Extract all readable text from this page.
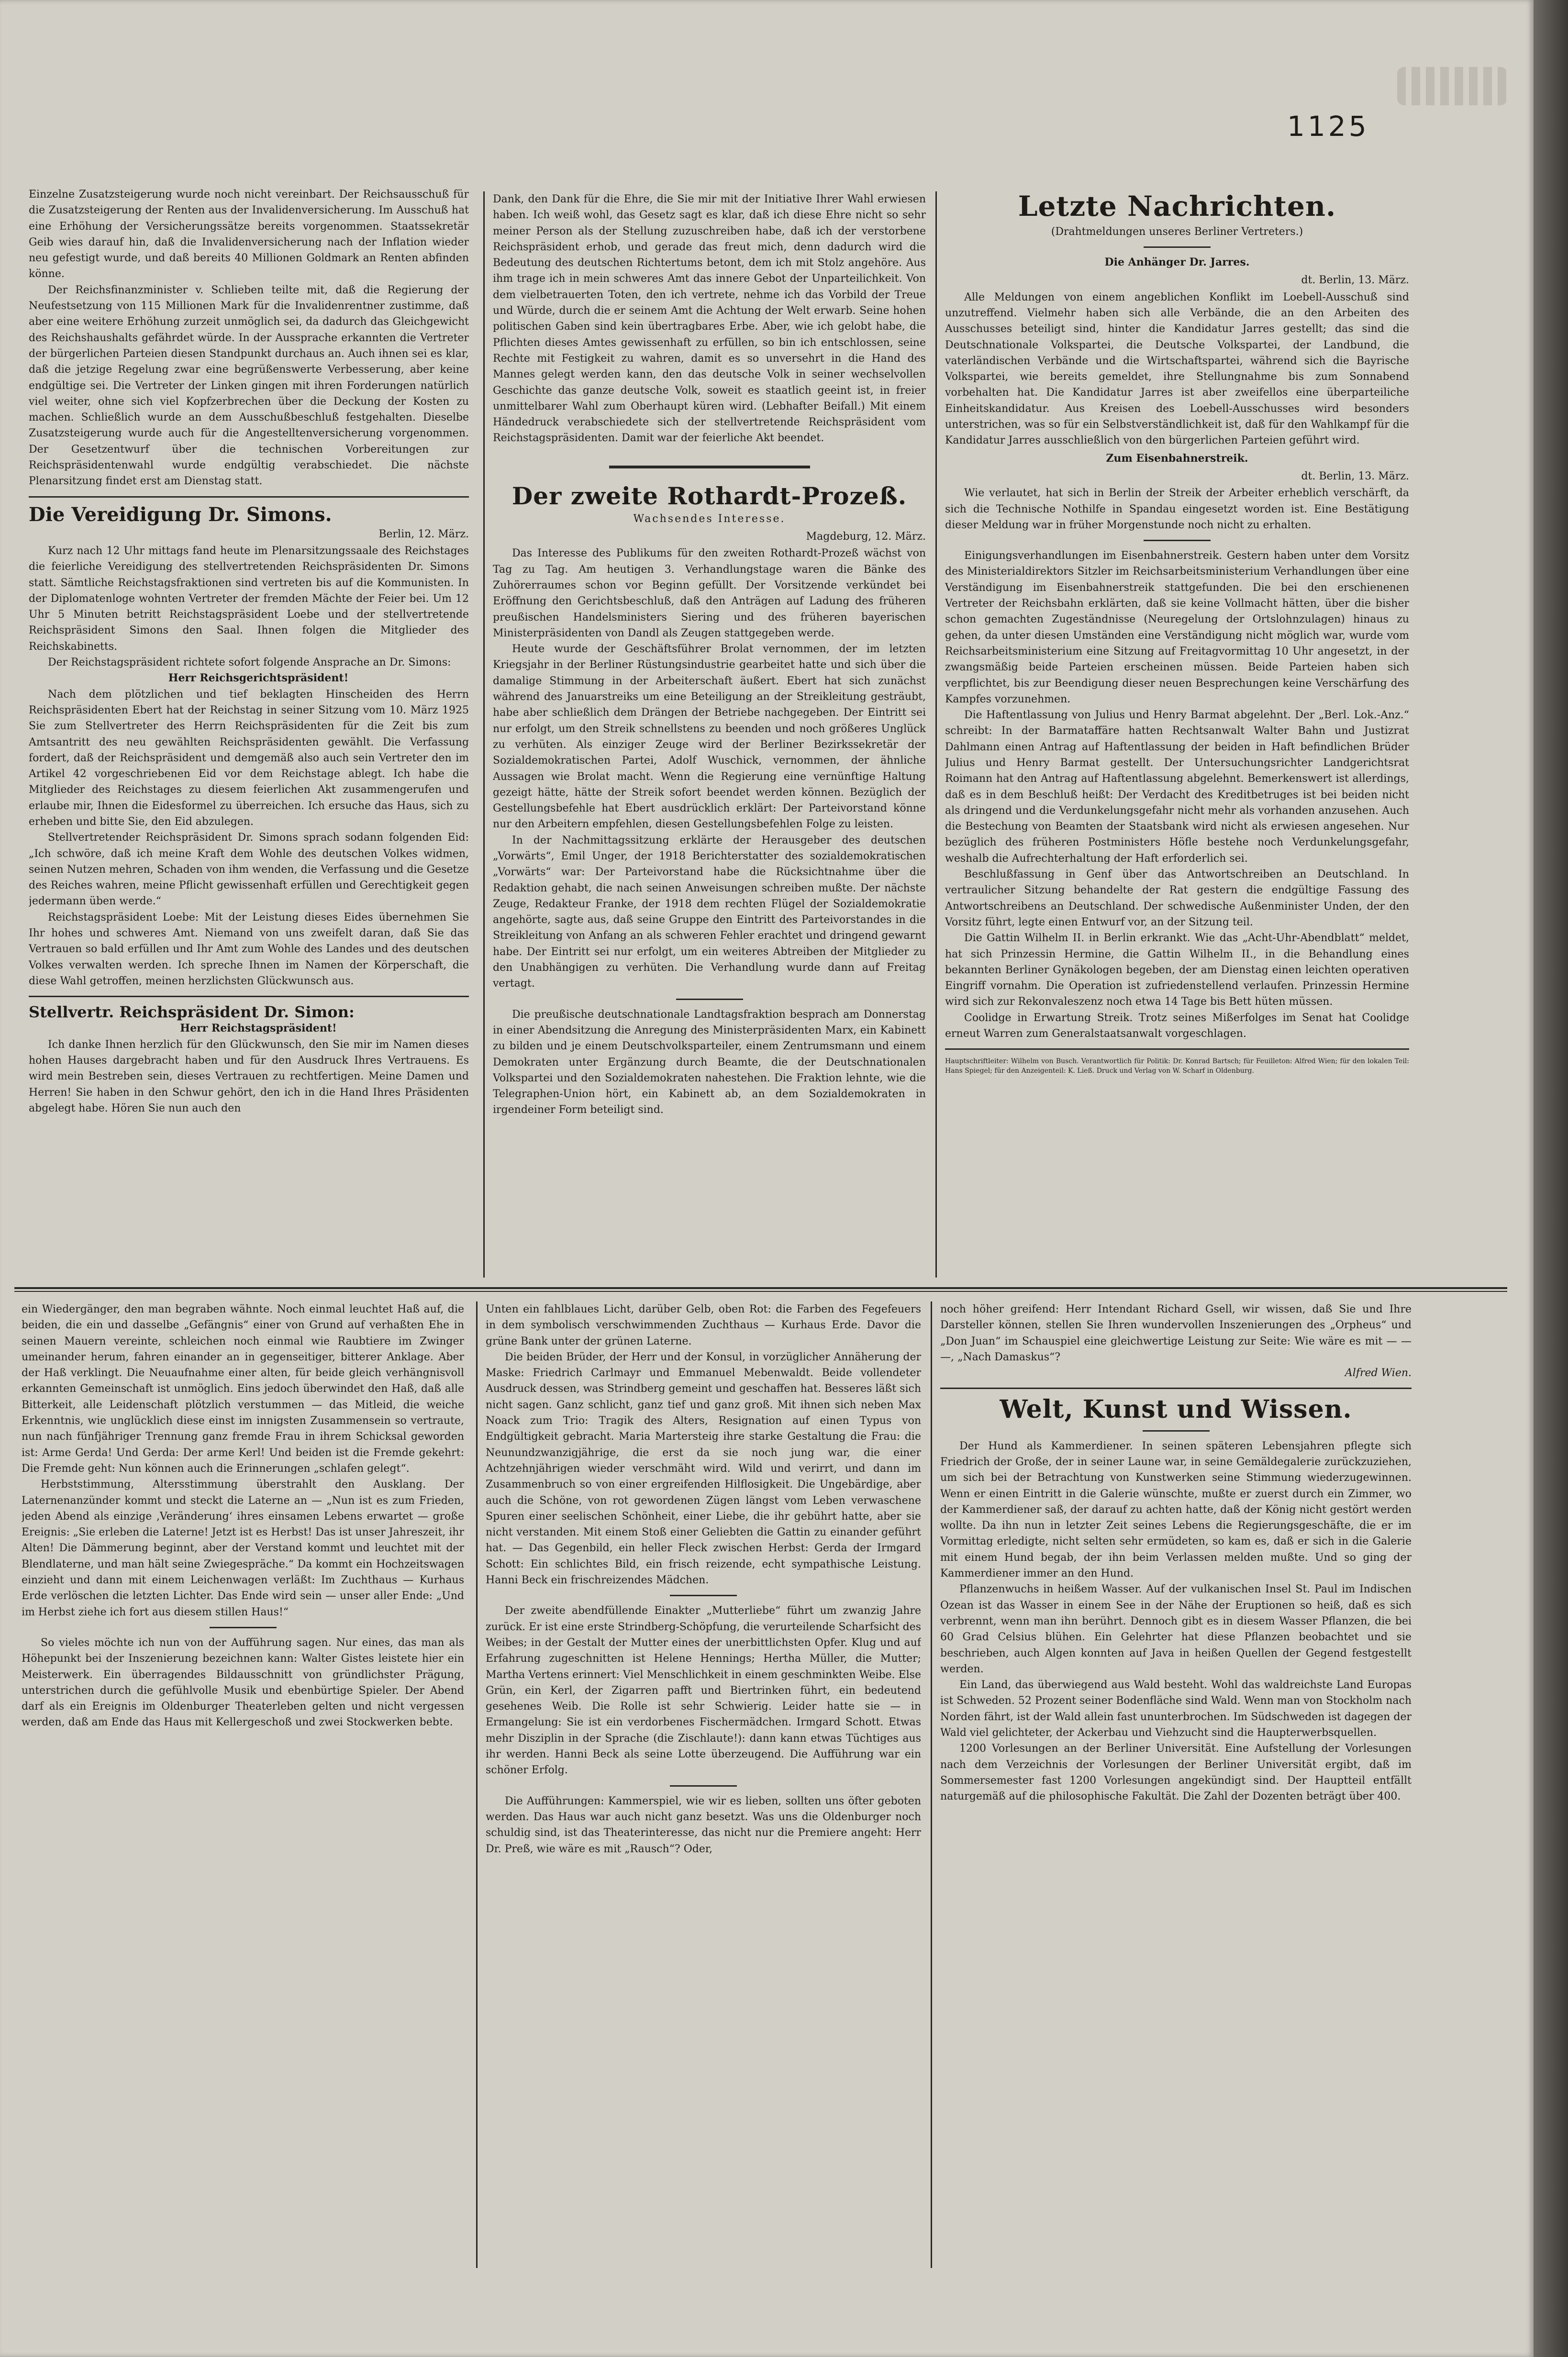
1125

Einzelne Zusatzsteigerung wurde noch nicht vereinbart. Der Reichsausschuß für die Zusatzsteigerung der Renten aus der Invalidenversicherung. Im Ausschuß hat eine Erhöhung der Versicherungssätze bereits vorgenommen. Staatssekretär Geib wies darauf hin, daß die Invalidenversicherung nach der Inflation wieder neu gefestigt wurde, und daß bereits 40 Millionen Goldmark an Renten abfinden könne.

Der Reichsfinanzminister v. Schlieben teilte mit, daß die Regierung der Neufestsetzung von 115 Millionen Mark für die Invalidenrentner zustimme, daß aber eine weitere Erhöhung zurzeit unmöglich sei, da dadurch das Gleichgewicht des Reichshaushalts gefährdet würde. In der Aussprache erkannten die Vertreter der bürgerlichen Parteien diesen Standpunkt durchaus an. Auch ihnen sei es klar, daß die jetzige Regelung zwar eine begrüßenswerte Verbesserung, aber keine endgültige sei. Die Vertreter der Linken gingen mit ihren Forderungen natürlich viel weiter, ohne sich viel Kopfzerbrechen über die Deckung der Kosten zu machen. Schließlich wurde an dem Ausschußbeschluß festgehalten. Dieselbe Zusatzsteigerung wurde auch für die Angestelltenversicherung vorgenommen. Der Gesetzentwurf über die technischen Vorbereitungen zur Reichspräsidentenwahl wurde endgültig verabschiedet. Die nächste Plenarsitzung findet erst am Dienstag statt.

Die Vereidigung Dr. Simons.
Berlin, 12. März.

Kurz nach 12 Uhr mittags fand heute im Plenarsitzungssaale des Reichstages die feierliche Vereidigung des stellvertretenden Reichspräsidenten Dr. Simons statt. Sämtliche Reichstagsfraktionen sind vertreten bis auf die Kommunisten. In der Diplomatenloge wohnten Vertreter der fremden Mächte der Feier bei. Um 12 Uhr 5 Minuten betritt Reichstagspräsident Loebe und der stellvertretende Reichspräsident Simons den Saal. Ihnen folgen die Mitglieder des Reichskabinetts.

Der Reichstagspräsident richtete sofort folgende Ansprache an Dr. Simons:

Herr Reichsgerichtspräsident!

Nach dem plötzlichen und tief beklagten Hinscheiden des Herrn Reichspräsidenten Ebert hat der Reichstag in seiner Sitzung vom 10. März 1925 Sie zum Stellvertreter des Herrn Reichspräsidenten für die Zeit bis zum Amtsantritt des neu gewählten Reichspräsidenten gewählt. Die Verfassung fordert, daß der Reichspräsident und demgemäß also auch sein Vertreter den im Artikel 42 vorgeschriebenen Eid vor dem Reichstage ablegt. Ich habe die Mitglieder des Reichstages zu diesem feierlichen Akt zusammengerufen und erlaube mir, Ihnen die Eidesformel zu überreichen. Ich ersuche das Haus, sich zu erheben und bitte Sie, den Eid abzulegen.

Stellvertretender Reichspräsident Dr. Simons sprach sodann folgenden Eid: „Ich schwöre, daß ich meine Kraft dem Wohle des deutschen Volkes widmen, seinen Nutzen mehren, Schaden von ihm wenden, die Verfassung und die Gesetze des Reiches wahren, meine Pflicht gewissenhaft erfüllen und Gerechtigkeit gegen jedermann üben werde.“

Reichstagspräsident Loebe: Mit der Leistung dieses Eides übernehmen Sie Ihr hohes und schweres Amt. Niemand von uns zweifelt daran, daß Sie das Vertrauen so bald erfüllen und Ihr Amt zum Wohle des Landes und des deutschen Volkes verwalten werden. Ich spreche Ihnen im Namen der Körperschaft, die diese Wahl getroffen, meinen herzlichsten Glückwunsch aus.

Stellvertr. Reichspräsident Dr. Simon:

Herr Reichstagspräsident!

Ich danke Ihnen herzlich für den Glückwunsch, den Sie mir im Namen dieses hohen Hauses dargebracht haben und für den Ausdruck Ihres Vertrauens. Es wird mein Bestreben sein, dieses Vertrauen zu rechtfertigen. Meine Damen und Herren! Sie haben in den Schwur gehört, den ich in die Hand Ihres Präsidenten abgelegt habe. Hören Sie nun auch den

Dank, den Dank für die Ehre, die Sie mir mit der Initiative Ihrer Wahl erwiesen haben. Ich weiß wohl, das Gesetz sagt es klar, daß ich diese Ehre nicht so sehr meiner Person als der Stellung zuzuschreiben habe, daß ich der verstorbene Reichspräsident erhob, und gerade das freut mich, denn dadurch wird die Bedeutung des deutschen Richtertums betont, dem ich mit Stolz angehöre. Aus ihm trage ich in mein schweres Amt das innere Gebot der Unparteilichkeit. Von dem vielbetrauerten Toten, den ich vertrete, nehme ich das Vorbild der Treue und Würde, durch die er seinem Amt die Achtung der Welt erwarb. Seine hohen politischen Gaben sind kein übertragbares Erbe. Aber, wie ich gelobt habe, die Pflichten dieses Amtes gewissenhaft zu erfüllen, so bin ich entschlossen, seine Rechte mit Festigkeit zu wahren, damit es so unversehrt in die Hand des Mannes gelegt werden kann, den das deutsche Volk in seiner wechselvollen Geschichte das ganze deutsche Volk, soweit es staatlich geeint ist, in freier unmittelbarer Wahl zum Oberhaupt küren wird. (Lebhafter Beifall.) Mit einem Händedruck verabschiedete sich der stellvertretende Reichspräsident vom Reichstagspräsidenten. Damit war der feierliche Akt beendet.

Der zweite Rothardt-Prozeß.
Wachsendes Interesse.
Magdeburg, 12. März.

Das Interesse des Publikums für den zweiten Rothardt-Prozeß wächst von Tag zu Tag. Am heutigen 3. Verhandlungstage waren die Bänke des Zuhörerraumes schon vor Beginn gefüllt. Der Vorsitzende verkündet bei Eröffnung den Gerichtsbeschluß, daß den Anträgen auf Ladung des früheren preußischen Handelsministers Siering und des früheren bayerischen Ministerpräsidenten von Dandl als Zeugen stattgegeben werde.

Heute wurde der Geschäftsführer Brolat vernommen, der im letzten Kriegsjahr in der Berliner Rüstungsindustrie gearbeitet hatte und sich über die damalige Stimmung in der Arbeiterschaft äußert. Ebert hat sich zunächst während des Januarstreiks um eine Beteiligung an der Streikleitung gesträubt, habe aber schließlich dem Drängen der Betriebe nachgegeben. Der Eintritt sei nur erfolgt, um den Streik schnellstens zu beenden und noch größeres Unglück zu verhüten. Als einziger Zeuge wird der Berliner Bezirkssekretär der Sozialdemokratischen Partei, Adolf Wuschick, vernommen, der ähnliche Aussagen wie Brolat macht. Wenn die Regierung eine vernünftige Haltung gezeigt hätte, hätte der Streik sofort beendet werden können. Bezüglich der Gestellungsbefehle hat Ebert ausdrücklich erklärt: Der Parteivorstand könne nur den Arbeitern empfehlen, diesen Gestellungsbefehlen Folge zu leisten.

In der Nachmittagssitzung erklärte der Herausgeber des deutschen „Vorwärts“, Emil Unger, der 1918 Berichterstatter des sozialdemokratischen „Vorwärts“ war: Der Parteivorstand habe die Rücksichtnahme über die Redaktion gehabt, die nach seinen Anweisungen schreiben mußte. Der nächste Zeuge, Redakteur Franke, der 1918 dem rechten Flügel der Sozialdemokratie angehörte, sagte aus, daß seine Gruppe den Eintritt des Parteivorstandes in die Streikleitung von Anfang an als schweren Fehler erachtet und dringend gewarnt habe. Der Eintritt sei nur erfolgt, um ein weiteres Abtreiben der Mitglieder zu den Unabhängigen zu verhüten. Die Verhandlung wurde dann auf Freitag vertagt.

Die preußische deutschnationale Landtagsfraktion besprach am Donnerstag in einer Abendsitzung die Anregung des Ministerpräsidenten Marx, ein Kabinett zu bilden und je einem Deutschvolksparteiler, einem Zentrumsmann und einem Demokraten unter Ergänzung durch Beamte, die der Deutschnationalen Volkspartei und den Sozialdemokraten nahestehen. Die Fraktion lehnte, wie die Telegraphen-Union hört, ein Kabinett ab, an dem Sozialdemokraten in irgendeiner Form beteiligt sind.

Letzte Nachrichten.
(Drahtmeldungen unseres Berliner Vertreters.)
Die Anhänger Dr. Jarres.
dt. Berlin, 13. März.

Alle Meldungen von einem angeblichen Konflikt im Loebell-Ausschuß sind unzutreffend. Vielmehr haben sich alle Verbände, die an den Arbeiten des Ausschusses beteiligt sind, hinter die Kandidatur Jarres gestellt; das sind die Deutschnationale Volkspartei, die Deutsche Volkspartei, der Landbund, die vaterländischen Verbände und die Wirtschaftspartei, während sich die Bayrische Volkspartei, wie bereits gemeldet, ihre Stellungnahme bis zum Sonnabend vorbehalten hat. Die Kandidatur Jarres ist aber zweifellos eine überparteiliche Einheitskandidatur. Aus Kreisen des Loebell-Ausschusses wird besonders unterstrichen, was so für ein Selbstverständlichkeit ist, daß für den Wahlkampf für die Kandidatur Jarres ausschließlich von den bürgerlichen Parteien geführt wird.

Zum Eisenbahnerstreik.
dt. Berlin, 13. März.

Wie verlautet, hat sich in Berlin der Streik der Arbeiter erheblich verschärft, da sich die Technische Nothilfe in Spandau eingesetzt worden ist. Eine Bestätigung dieser Meldung war in früher Morgenstunde noch nicht zu erhalten.

Einigungsverhandlungen im Eisenbahnerstreik. Gestern haben unter dem Vorsitz des Ministerialdirektors Sitzler im Reichsarbeitsministerium Verhandlungen über eine Verständigung im Eisenbahnerstreik stattgefunden. Die bei den erschienenen Vertreter der Reichsbahn erklärten, daß sie keine Vollmacht hätten, über die bisher schon gemachten Zugeständnisse (Neuregelung der Ortslohnzulagen) hinaus zu gehen, da unter diesen Umständen eine Verständigung nicht möglich war, wurde vom Reichsarbeitsministerium eine Sitzung auf Freitagvormittag 10 Uhr angesetzt, in der zwangsmäßig beide Parteien erscheinen müssen. Beide Parteien haben sich verpflichtet, bis zur Beendigung dieser neuen Besprechungen keine Verschärfung des Kampfes vorzunehmen.

Die Haftentlassung von Julius und Henry Barmat abgelehnt. Der „Berl. Lok.-Anz.“ schreibt: In der Barmataffäre hatten Rechtsanwalt Walter Bahn und Justizrat Dahlmann einen Antrag auf Haftentlassung der beiden in Haft befindlichen Brüder Julius und Henry Barmat gestellt. Der Untersuchungsrichter Landgerichtsrat Roimann hat den Antrag auf Haftentlassung abgelehnt. Bemerkenswert ist allerdings, daß es in dem Beschluß heißt: Der Verdacht des Kreditbetruges ist bei beiden nicht als dringend und die Verdunkelungsgefahr nicht mehr als vorhanden anzusehen. Auch die Bestechung von Beamten der Staatsbank wird nicht als erwiesen angesehen. Nur bezüglich des früheren Postministers Höfle bestehe noch Verdunkelungsgefahr, weshalb die Aufrechterhaltung der Haft erforderlich sei.

Beschlußfassung in Genf über das Antwortschreiben an Deutschland. In vertraulicher Sitzung behandelte der Rat gestern die endgültige Fassung des Antwortschreibens an Deutschland. Der schwedische Außenminister Unden, der den Vorsitz führt, legte einen Entwurf vor, an der Sitzung teil.

Die Gattin Wilhelm II. in Berlin erkrankt. Wie das „Acht-Uhr-Abendblatt“ meldet, hat sich Prinzessin Hermine, die Gattin Wilhelm II., in die Behandlung eines bekannten Berliner Gynäkologen begeben, der am Dienstag einen leichten operativen Eingriff vornahm. Die Operation ist zufriedenstellend verlaufen. Prinzessin Hermine wird sich zur Rekonvaleszenz noch etwa 14 Tage bis Bett hüten müssen.

Coolidge in Erwartung Streik. Trotz seines Mißerfolges im Senat hat Coolidge erneut Warren zum Generalstaatsanwalt vorgeschlagen.

Hauptschriftleiter: Wilhelm von Busch. Verantwortlich für Politik: Dr. Konrad Bartsch; für Feuilleton: Alfred Wien; für den lokalen Teil: Hans Spiegel; für den Anzeigenteil: K. Ließ. Druck und Verlag von W. Scharf in Oldenburg.

ein Wiedergänger, den man begraben wähnte. Noch einmal leuchtet Haß auf, die beiden, die ein und dasselbe „Gefängnis“ einer von Grund auf verhaßten Ehe in seinen Mauern vereinte, schleichen noch einmal wie Raubtiere im Zwinger umeinander herum, fahren einander an in gegenseitiger, bitterer Anklage. Aber der Haß verklingt. Die Neuaufnahme einer alten, für beide gleich verhängnisvoll erkannten Gemeinschaft ist unmöglich. Eins jedoch überwindet den Haß, daß alle Bitterkeit, alle Leidenschaft plötzlich verstummen — das Mitleid, die weiche Erkenntnis, wie unglücklich diese einst im innigsten Zusammensein so vertraute, nun nach fünfjähriger Trennung ganz fremde Frau in ihrem Schicksal geworden ist: Arme Gerda! Und Gerda: Der arme Kerl! Und beiden ist die Fremde gekehrt: Die Fremde geht: Nun können auch die Erinnerungen „schlafen gelegt“.

Herbststimmung, Altersstimmung überstrahlt den Ausklang. Der Laternenanzünder kommt und steckt die Laterne an — „Nun ist es zum Frieden, jeden Abend als einzige ‚Veränderung‘ ihres einsamen Lebens erwartet — große Ereignis: „Sie erleben die Laterne! Jetzt ist es Herbst! Das ist unser Jahreszeit, ihr Alten! Die Dämmerung beginnt, aber der Verstand kommt und leuchtet mit der Blendlaterne, und man hält seine Zwiegespräche.“ Da kommt ein Hochzeitswagen einzieht und dann mit einem Leichenwagen verläßt: Im Zuchthaus — Kurhaus Erde verlöschen die letzten Lichter. Das Ende wird sein — unser aller Ende: „Und im Herbst ziehe ich fort aus diesem stillen Haus!“

So vieles möchte ich nun von der Aufführung sagen. Nur eines, das man als Höhepunkt bei der Inszenierung bezeichnen kann: Walter Gistes leistete hier ein Meisterwerk. Ein überragendes Bildausschnitt von gründlichster Prägung, unterstrichen durch die gefühlvolle Musik und ebenbürtige Spieler. Der Abend darf als ein Ereignis im Oldenburger Theaterleben gelten und nicht vergessen werden, daß am Ende das Haus mit Kellergeschoß und zwei Stockwerken bebte.

Unten ein fahlblaues Licht, darüber Gelb, oben Rot: die Farben des Fegefeuers in dem symbolisch verschwimmenden Zuchthaus — Kurhaus Erde. Davor die grüne Bank unter der grünen Laterne.

Die beiden Brüder, der Herr und der Konsul, in vorzüglicher Annäherung der Maske: Friedrich Carlmayr und Emmanuel Mebenwaldt. Beide vollendeter Ausdruck dessen, was Strindberg gemeint und geschaffen hat. Besseres läßt sich nicht sagen. Ganz schlicht, ganz tief und ganz groß. Mit ihnen sich neben Max Noack zum Trio: Tragik des Alters, Resignation auf einen Typus von Endgültigkeit gebracht. Maria Martersteig ihre starke Gestaltung die Frau: die Neunundzwanzigjährige, die erst da sie noch jung war, die einer Achtzehnjährigen wieder verschmäht wird. Wild und verirrt, und dann im Zusammenbruch so von einer ergreifenden Hilflosigkeit. Die Ungebärdige, aber auch die Schöne, von rot gewordenen Zügen längst vom Leben verwaschene Spuren einer seelischen Schönheit, einer Liebe, die ihr gebührt hatte, aber sie nicht verstanden. Mit einem Stoß einer Geliebten die Gattin zu einander geführt hat. — Das Gegenbild, ein heller Fleck zwischen Herbst: Gerda der Irmgard Schott: Ein schlichtes Bild, ein frisch reizende, echt sympathische Leistung. Hanni Beck ein frischreizendes Mädchen.

Der zweite abendfüllende Einakter „Mutterliebe“ führt um zwanzig Jahre zurück. Er ist eine erste Strindberg-Schöpfung, die verurteilende Scharfsicht des Weibes; in der Gestalt der Mutter eines der unerbittlichsten Opfer. Klug und auf Erfahrung zugeschnitten ist Helene Hennings; Hertha Müller, die Mutter; Martha Vertens erinnert: Viel Menschlichkeit in einem geschminkten Weibe. Else Grün, ein Kerl, der Zigarren pafft und Biertrinken führt, ein bedeutend gesehenes Weib. Die Rolle ist sehr Schwierig. Leider hatte sie — in Ermangelung: Sie ist ein verdorbenes Fischermädchen. Irmgard Schott. Etwas mehr Disziplin in der Sprache (die Zischlaute!): dann kann etwas Tüchtiges aus ihr werden. Hanni Beck als seine Lotte überzeugend. Die Aufführung war ein schöner Erfolg.

Die Aufführungen: Kammerspiel, wie wir es lieben, sollten uns öfter geboten werden. Das Haus war auch nicht ganz besetzt. Was uns die Oldenburger noch schuldig sind, ist das Theaterinteresse, das nicht nur die Premiere angeht: Herr Dr. Preß, wie wäre es mit „Rausch“? Oder,

noch höher greifend: Herr Intendant Richard Gsell, wir wissen, daß Sie und Ihre Darsteller können, stellen Sie Ihren wundervollen Inszenierungen des „Orpheus“ und „Don Juan“ im Schauspiel eine gleichwertige Leistung zur Seite: Wie wäre es mit — — —, „Nach Damaskus“?

Alfred Wien.

Welt, Kunst und Wissen.

Der Hund als Kammerdiener. In seinen späteren Lebensjahren pflegte sich Friedrich der Große, der in seiner Laune war, in seine Gemäldegalerie zurückzuziehen, um sich bei der Betrachtung von Kunstwerken seine Stimmung wiederzugewinnen. Wenn er einen Eintritt in die Galerie wünschte, mußte er zuerst durch ein Zimmer, wo der Kammerdiener saß, der darauf zu achten hatte, daß der König nicht gestört werden wollte. Da ihn nun in letzter Zeit seines Lebens die Regierungsgeschäfte, die er im Vormittag erledigte, nicht selten sehr ermüdeten, so kam es, daß er sich in die Galerie mit einem Hund begab, der ihn beim Verlassen melden mußte. Und so ging der Kammerdiener immer an den Hund.

Pflanzenwuchs in heißem Wasser. Auf der vulkanischen Insel St. Paul im Indischen Ozean ist das Wasser in einem See in der Nähe der Eruptionen so heiß, daß es sich verbrennt, wenn man ihn berührt. Dennoch gibt es in diesem Wasser Pflanzen, die bei 60 Grad Celsius blühen. Ein Gelehrter hat diese Pflanzen beobachtet und sie beschrieben, auch Algen konnten auf Java in heißen Quellen der Gegend festgestellt werden.

Ein Land, das überwiegend aus Wald besteht. Wohl das waldreichste Land Europas ist Schweden. 52 Prozent seiner Bodenfläche sind Wald. Wenn man von Stockholm nach Norden fährt, ist der Wald allein fast ununterbrochen. Im Südschweden ist dagegen der Wald viel gelichteter, der Ackerbau und Viehzucht sind die Haupterwerbsquellen.

1200 Vorlesungen an der Berliner Universität. Eine Aufstellung der Vorlesungen nach dem Verzeichnis der Vorlesungen der Berliner Universität ergibt, daß im Sommersemester fast 1200 Vorlesungen angekündigt sind. Der Hauptteil entfällt naturgemäß auf die philosophische Fakultät. Die Zahl der Dozenten beträgt über 400.
